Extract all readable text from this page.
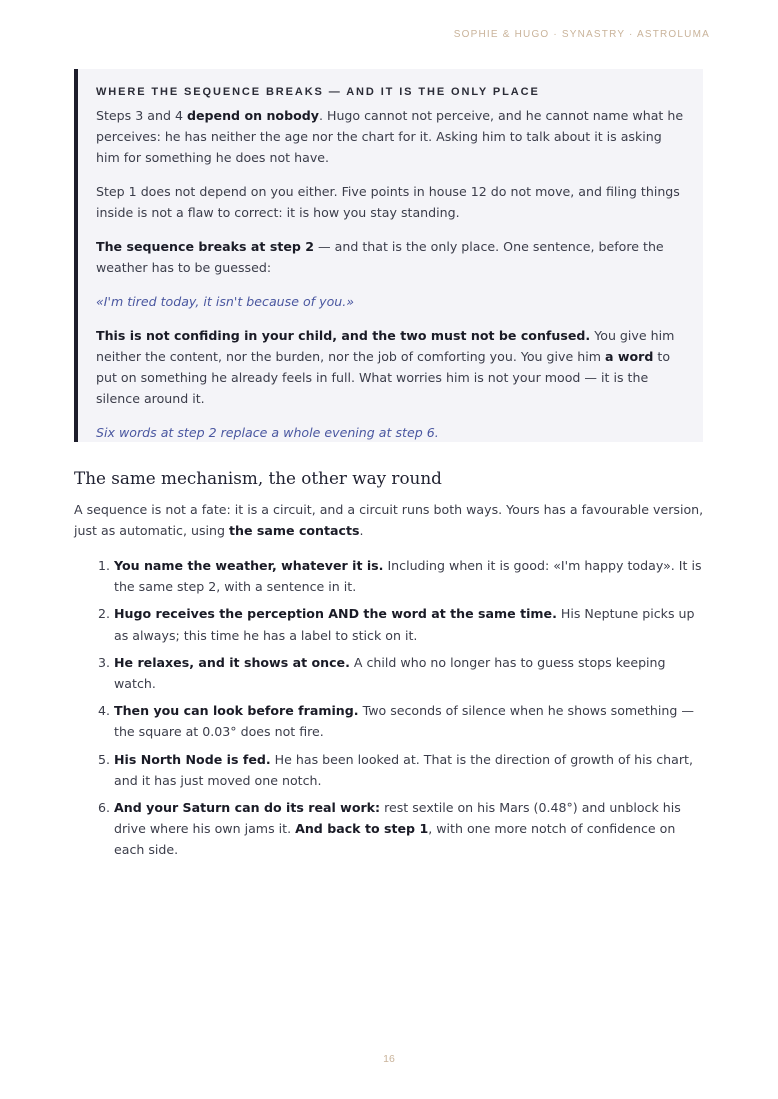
SOPHIE & HUGO · SYNASTRY · ASTROLUMA
WHERE THE SEQUENCE BREAKS — AND IT IS THE ONLY PLACE

Steps 3 and 4 depend on nobody. Hugo cannot not perceive, and he cannot name what he perceives: he has neither the age nor the chart for it. Asking him to talk about it is asking him for something he does not have.

Step 1 does not depend on you either. Five points in house 12 do not move, and filing things inside is not a flaw to correct: it is how you stay standing.

The sequence breaks at step 2 — and that is the only place. One sentence, before the weather has to be guessed:

«I'm tired today, it isn't because of you.»

This is not confiding in your child, and the two must not be confused. You give him neither the content, nor the burden, nor the job of comforting you. You give him a word to put on something he already feels in full. What worries him is not your mood — it is the silence around it.

Six words at step 2 replace a whole evening at step 6.

The same mechanism, the other way round

A sequence is not a fate: it is a circuit, and a circuit runs both ways. Yours has a favourable version, just as automatic, using the same contacts.

1. You name the weather, whatever it is. Including when it is good: «I'm happy today». It is the same step 2, with a sentence in it.
2. Hugo receives the perception AND the word at the same time. His Neptune picks up as always; this time he has a label to stick on it.
3. He relaxes, and it shows at once. A child who no longer has to guess stops keeping watch.
4. Then you can look before framing. Two seconds of silence when he shows something — the square at 0.03° does not fire.
5. His North Node is fed. He has been looked at. That is the direction of growth of his chart, and it has just moved one notch.
6. And your Saturn can do its real work: rest sextile on his Mars (0.48°) and unblock his drive where his own jams it. And back to step 1, with one more notch of confidence on each side.
16
